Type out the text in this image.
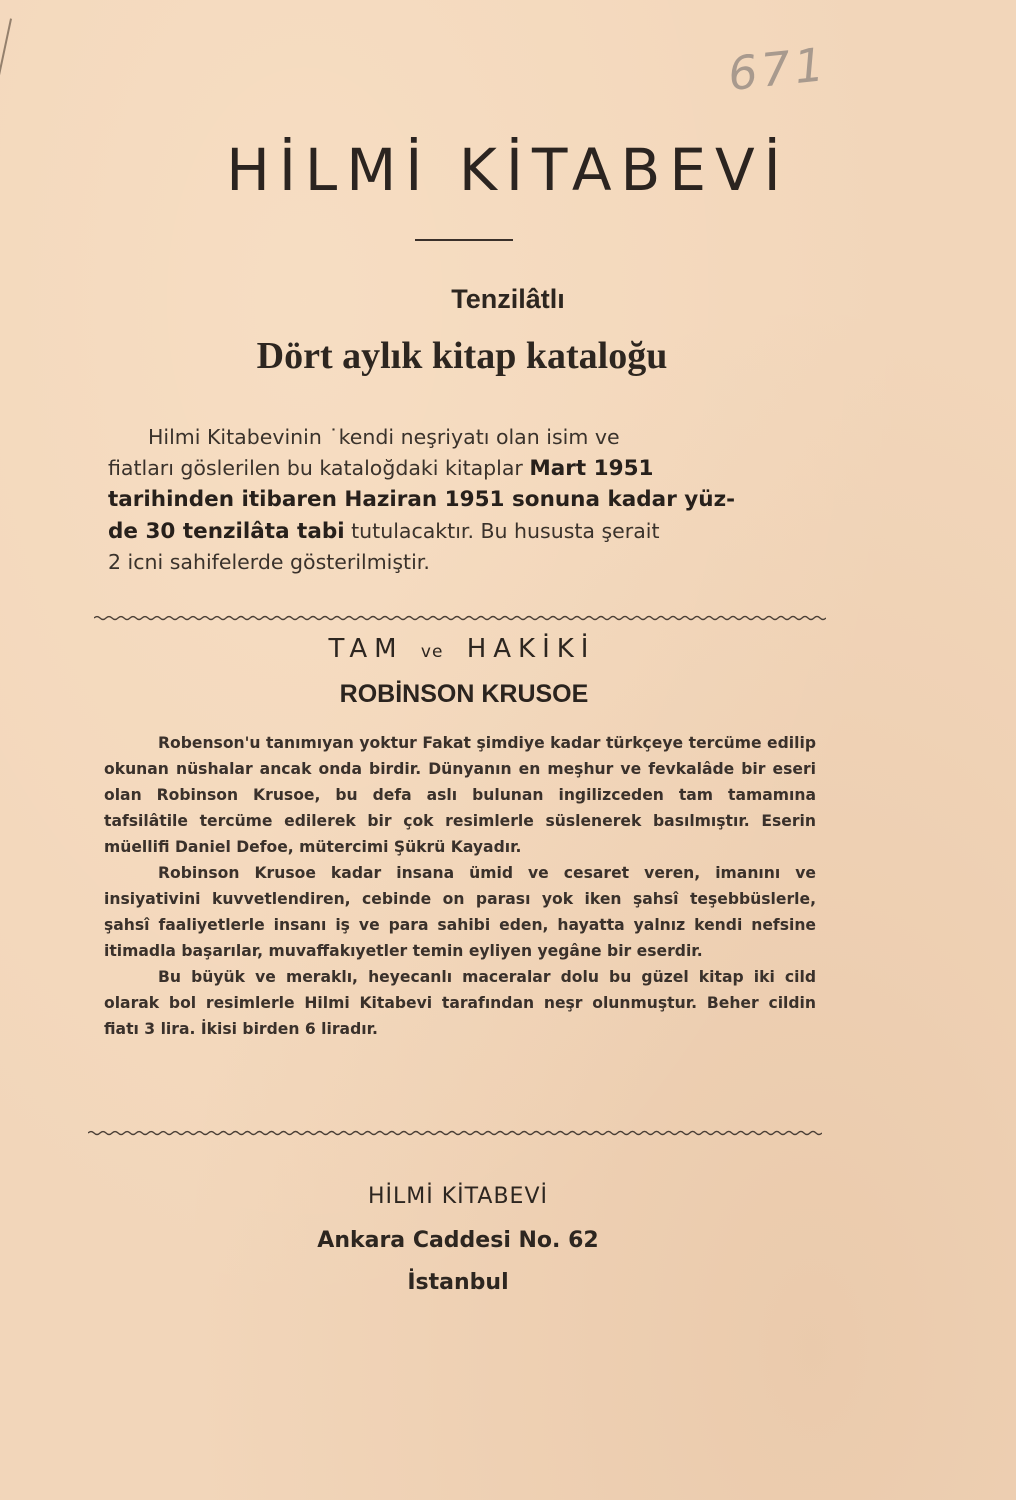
671
HİLMİ KİTABEVİ
Tenzilâtlı
Dört aylık kitap kataloğu
Hilmi Kitabevinin ˙kendi neşriyatı olan isim ve
fiatları gösleri̇len bu kataloğdaki kitaplar Mart 1951
tarihinden itibaren Haziran 1951 sonuna kadar yüz-
de 30 tenzilâta tabi tutulacaktır. Bu hususta şerait
2 icni sahifelerde gösterilmiştir.
TAM ve HAKİKİ
ROBİNSON KRUSOE

Robenson'u tanımıyan yoktur Fakat şimdiye kadar türkçeye tercüme edilip okunan nüshalar ancak onda birdir. Dünyanın en meşhur ve fevkalâde bir eseri olan Robinson Krusoe, bu defa aslı bulunan ingilizceden tam tamamına tafsilâtile tercüme edilerek bir çok resimlerle süslenerek basılmıştır. Eserin müellifi Daniel Defoe, mütercimi Şükrü Kayadır.

Robinson Krusoe kadar insana ümid ve cesaret veren, imanını ve insiyativini kuvvetlendiren, cebinde on parası yok iken şahsî teşebbüslerle, şahsî faaliyetlerle insanı iş ve para sahibi eden, hayatta yalnız kendi nefsine itimadla başarılar, muvaffakıyetler temin eyliyen yegâne bir eserdir.

Bu büyük ve meraklı, heyecanlı maceralar dolu bu güzel kitap iki cild olarak bol resimlerle Hilmi Kitabevi tarafından neşr olunmuştur. Beher cildin fiatı 3 lira. İkisi birden 6 liradır.

HİLMİ KİTABEVİ
Ankara Caddesi No. 62
İstanbul
